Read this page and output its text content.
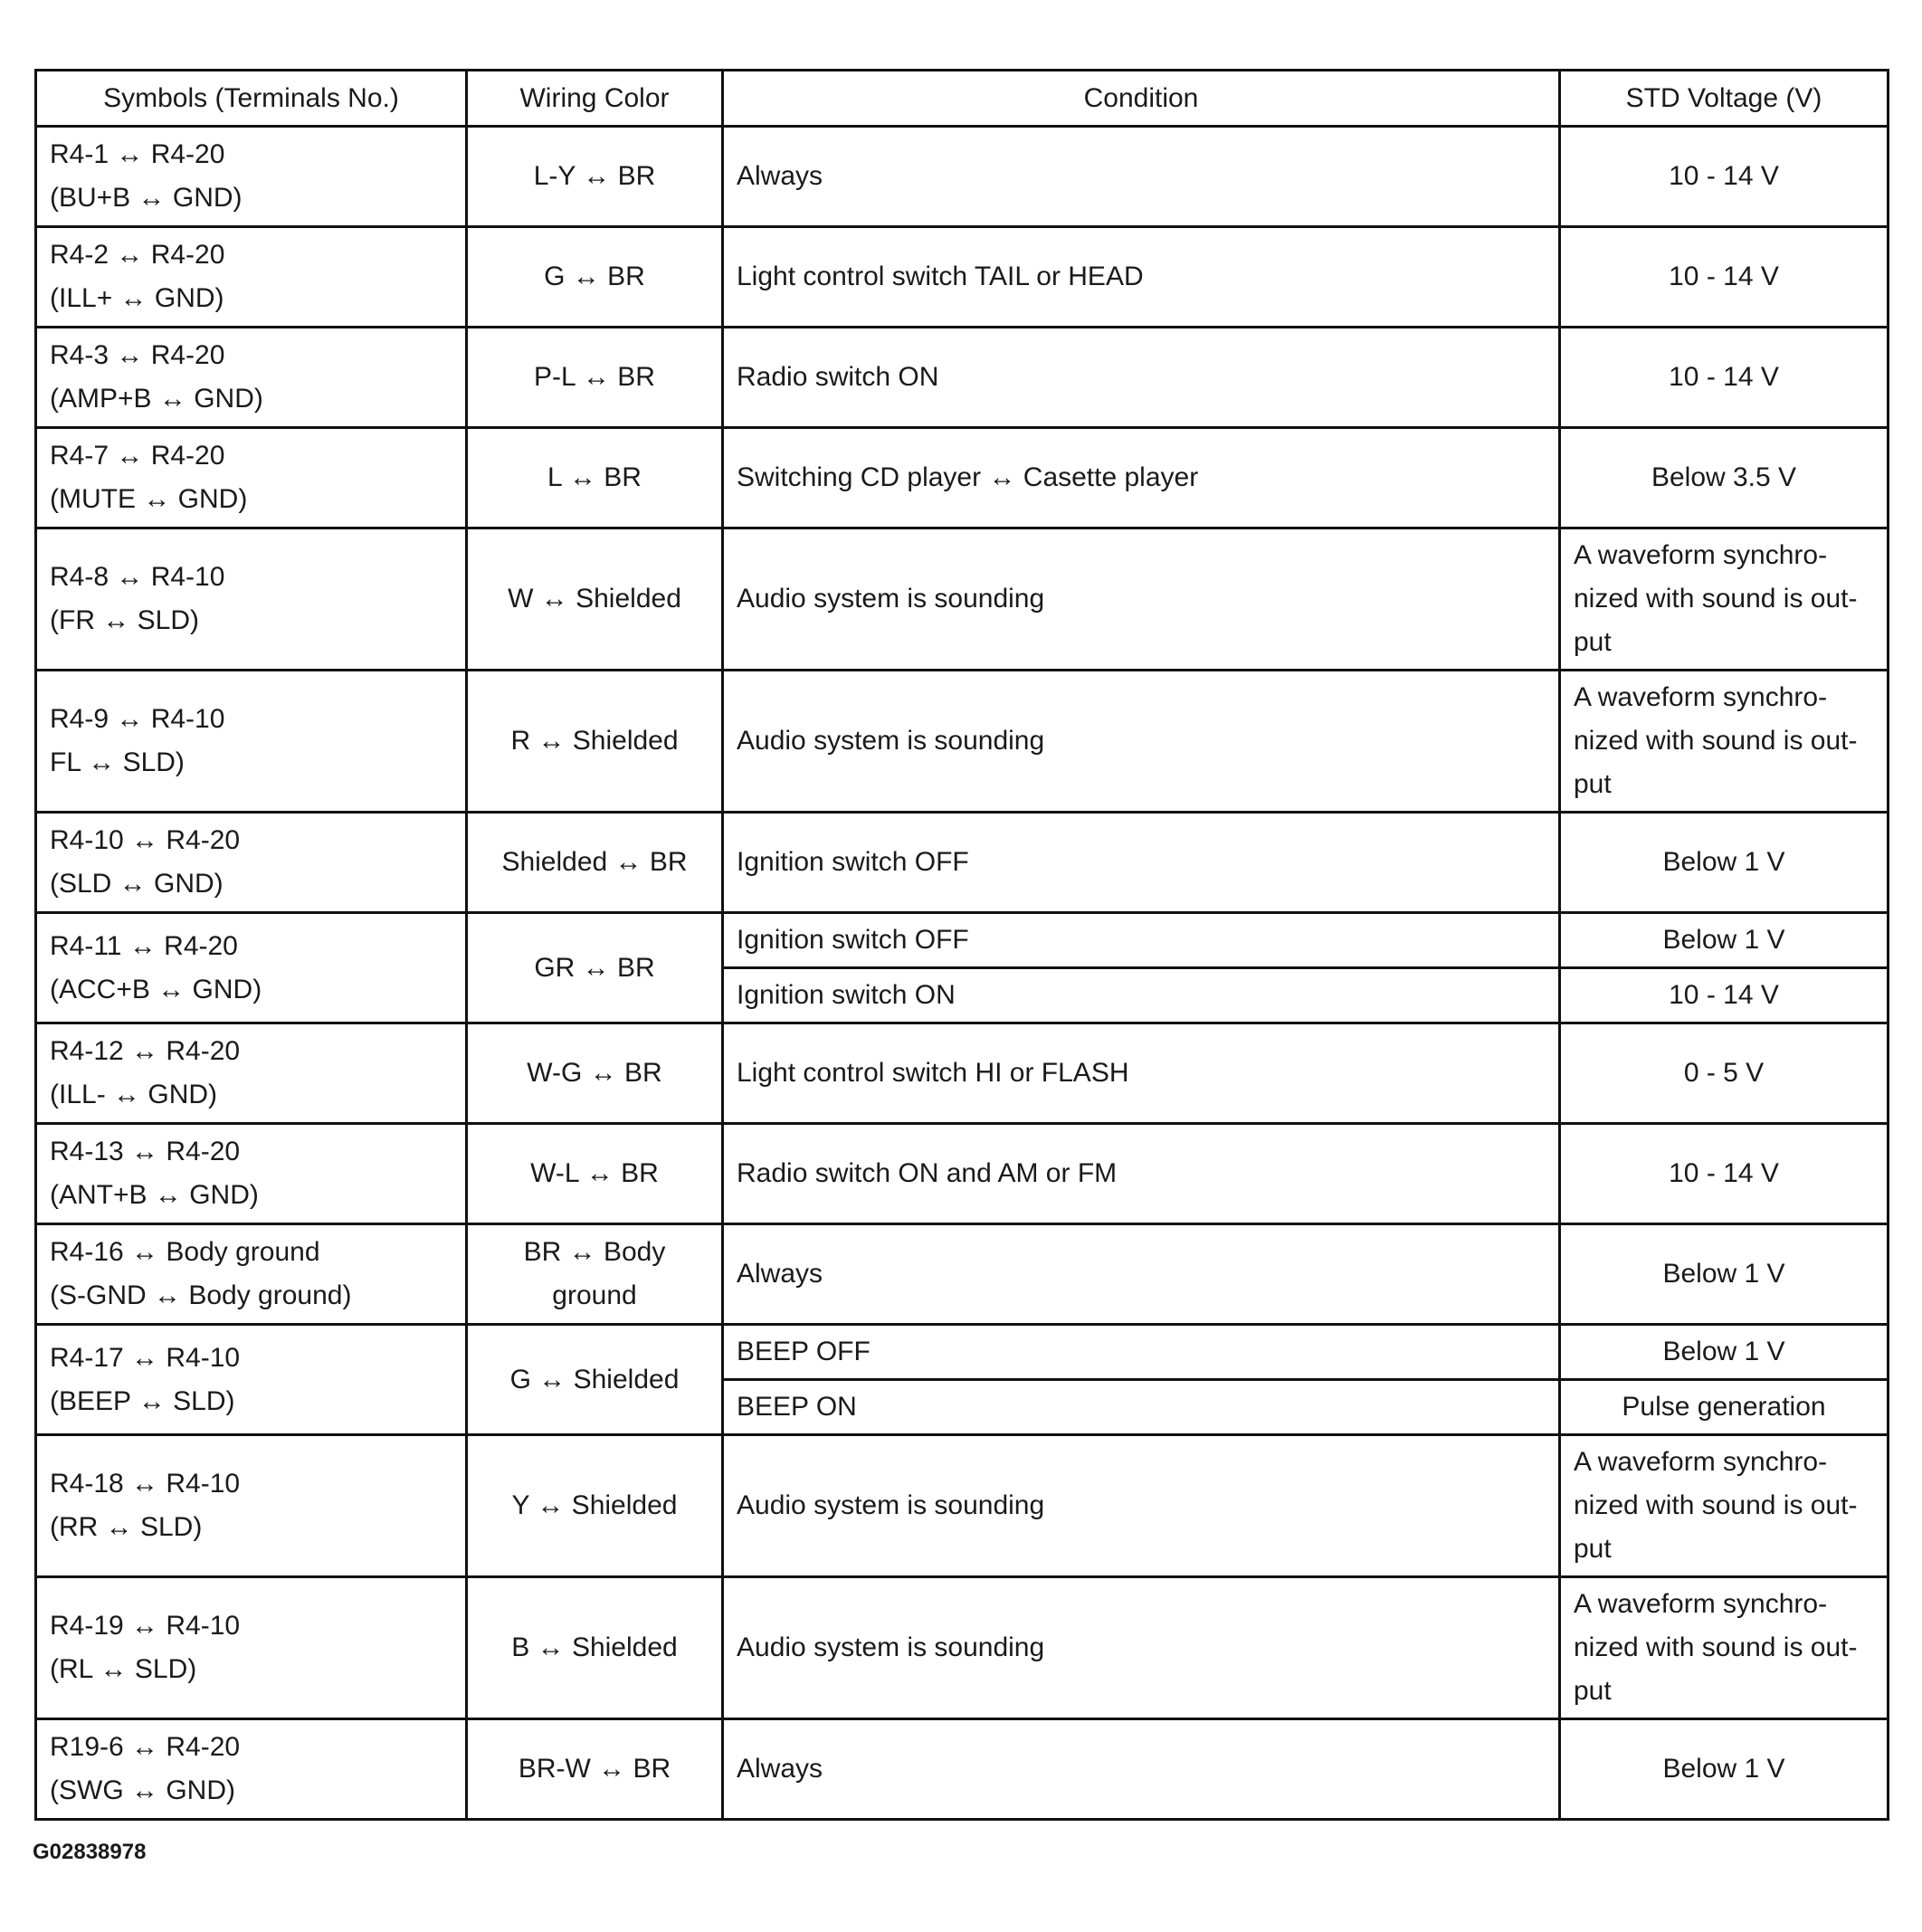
Symbols (Terminals No.)	Wiring Color	Condition	STD Voltage (V)
R4-1 ↔ R4-20
(BU+B ↔ GND)	L-Y ↔ BR	Always	10 - 14 V
R4-2 ↔ R4-20
(ILL+ ↔ GND)	G ↔ BR	Light control switch TAIL or HEAD	10 - 14 V
R4-3 ↔ R4-20
(AMP+B ↔ GND)	P-L ↔ BR	Radio switch ON	10 - 14 V
R4-7 ↔ R4-20
(MUTE ↔ GND)	L ↔ BR	Switching CD player ↔ Casette player	Below 3.5 V
R4-8 ↔ R4-10
(FR ↔ SLD)	W ↔ Shielded	Audio system is sounding	A waveform synchro-
nized with sound is out-
put
R4-9 ↔ R4-10
FL ↔ SLD)	R ↔ Shielded	Audio system is sounding	A waveform synchro-
nized with sound is out-
put
R4-10 ↔ R4-20
(SLD ↔ GND)	Shielded ↔ BR	Ignition switch OFF	Below 1 V
R4-11 ↔ R4-20
(ACC+B ↔ GND)	GR ↔ BR	Ignition switch OFF	Below 1 V
		Ignition switch ON	10 - 14 V
R4-12 ↔ R4-20
(ILL- ↔ GND)	W-G ↔ BR	Light control switch HI or FLASH	0 - 5 V
R4-13 ↔ R4-20
(ANT+B ↔ GND)	W-L ↔ BR	Radio switch ON and AM or FM	10 - 14 V
R4-16 ↔ Body ground
(S-GND ↔ Body ground)	BR ↔ Body
ground	Always	Below 1 V
R4-17 ↔ R4-10
(BEEP ↔ SLD)	G ↔ Shielded	BEEP OFF	Below 1 V
		BEEP ON	Pulse generation
R4-18 ↔ R4-10
(RR ↔ SLD)	Y ↔ Shielded	Audio system is sounding	A waveform synchro-
nized with sound is out-
put
R4-19 ↔ R4-10
(RL ↔ SLD)	B ↔ Shielded	Audio system is sounding	A waveform synchro-
nized with sound is out-
put
R19-6 ↔ R4-20
(SWG ↔ GND)	BR-W ↔ BR	Always	Below 1 V
G02838978
